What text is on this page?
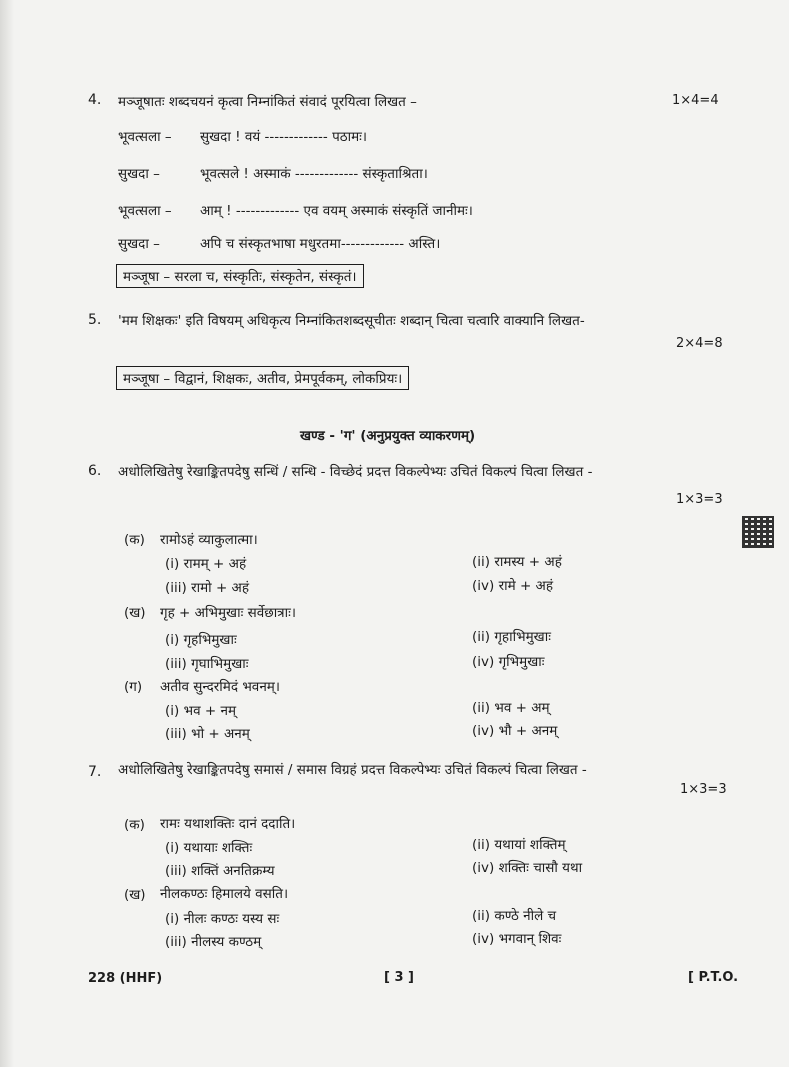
4. मञ्जूषातः शब्दचयनं कृत्वा निम्नांकितं संवादं पूरयित्वा लिखत –	1×4=4
भूवत्सला – सुखदा ! वयं ------------- पठामः।
सुखदा –	भूवत्सले ! अस्माकं ------------- संस्कृताश्रिता।
भूवत्सला – आम् ! ------------- एव वयम् अस्माकं संस्कृतिं जानीमः।
सुखदा –	अपि च संस्कृतभाषा मधुरतमा------------- अस्ति।
मञ्जूषा – सरला च, संस्कृतिः, संस्कृतेन, संस्कृतं।
5. 'मम शिक्षकः' इति विषयम् अधिकृत्य निम्नांकितशब्दसूचीतः शब्दान् चित्वा चत्वारि वाक्यानि लिखत-
2×4=8
मञ्जूषा – विद्वानं, शिक्षकः, अतीव, प्रेमपूर्वकम्, लोकप्रियः।
खण्ड - 'ग' (अनुप्रयुक्त व्याकरणम्)
6. अधोलिखितेषु रेखाङ्कितपदेषु सन्धिं / सन्धि - विच्छेदं प्रदत्त विकल्पेभ्यः उचितं विकल्पं चित्वा लिखत -
1×3=3
(क) रामोऽहं व्याकुलात्मा।
(i) रामम् + अहं	(ii) रामस्य + अहं
(iii) रामो + अहं	(iv) रामे + अहं
(ख) गृह + अभिमुखाः सर्वेछात्राः।
(i) गृहभिमुखाः	(ii) गृहाभिमुखाः
(iii) गृघाभिमुखाः	(iv) गृभिमुखाः
(ग) अतीव सुन्दरमिदं भवनम्।
(i) भव + नम्	(ii) भव + अम्
(iii) भो + अनम्	(iv) भौ + अनम्
7. अधोलिखितेषु रेखाङ्कितपदेषु समासं / समास विग्रहं प्रदत्त विकल्पेभ्यः उचितं विकल्पं चित्वा लिखत -
1×3=3
(क) रामः यथाशक्तिः दानं ददाति।
(i) यथायाः शक्तिः	(ii) यथायां शक्तिम्
(iii) शक्तिं अनतिक्रम्य	(iv) शक्तिः चासौ यथा
(ख) नीलकण्ठः हिमालये वसति।
(i) नीलः कण्ठः यस्य सः	(ii) कण्ठे नीले च
(iii) नीलस्य कण्ठम्	(iv) भगवान् शिवः
228 (HHF)	[ 3 ]	[ P.T.O.
